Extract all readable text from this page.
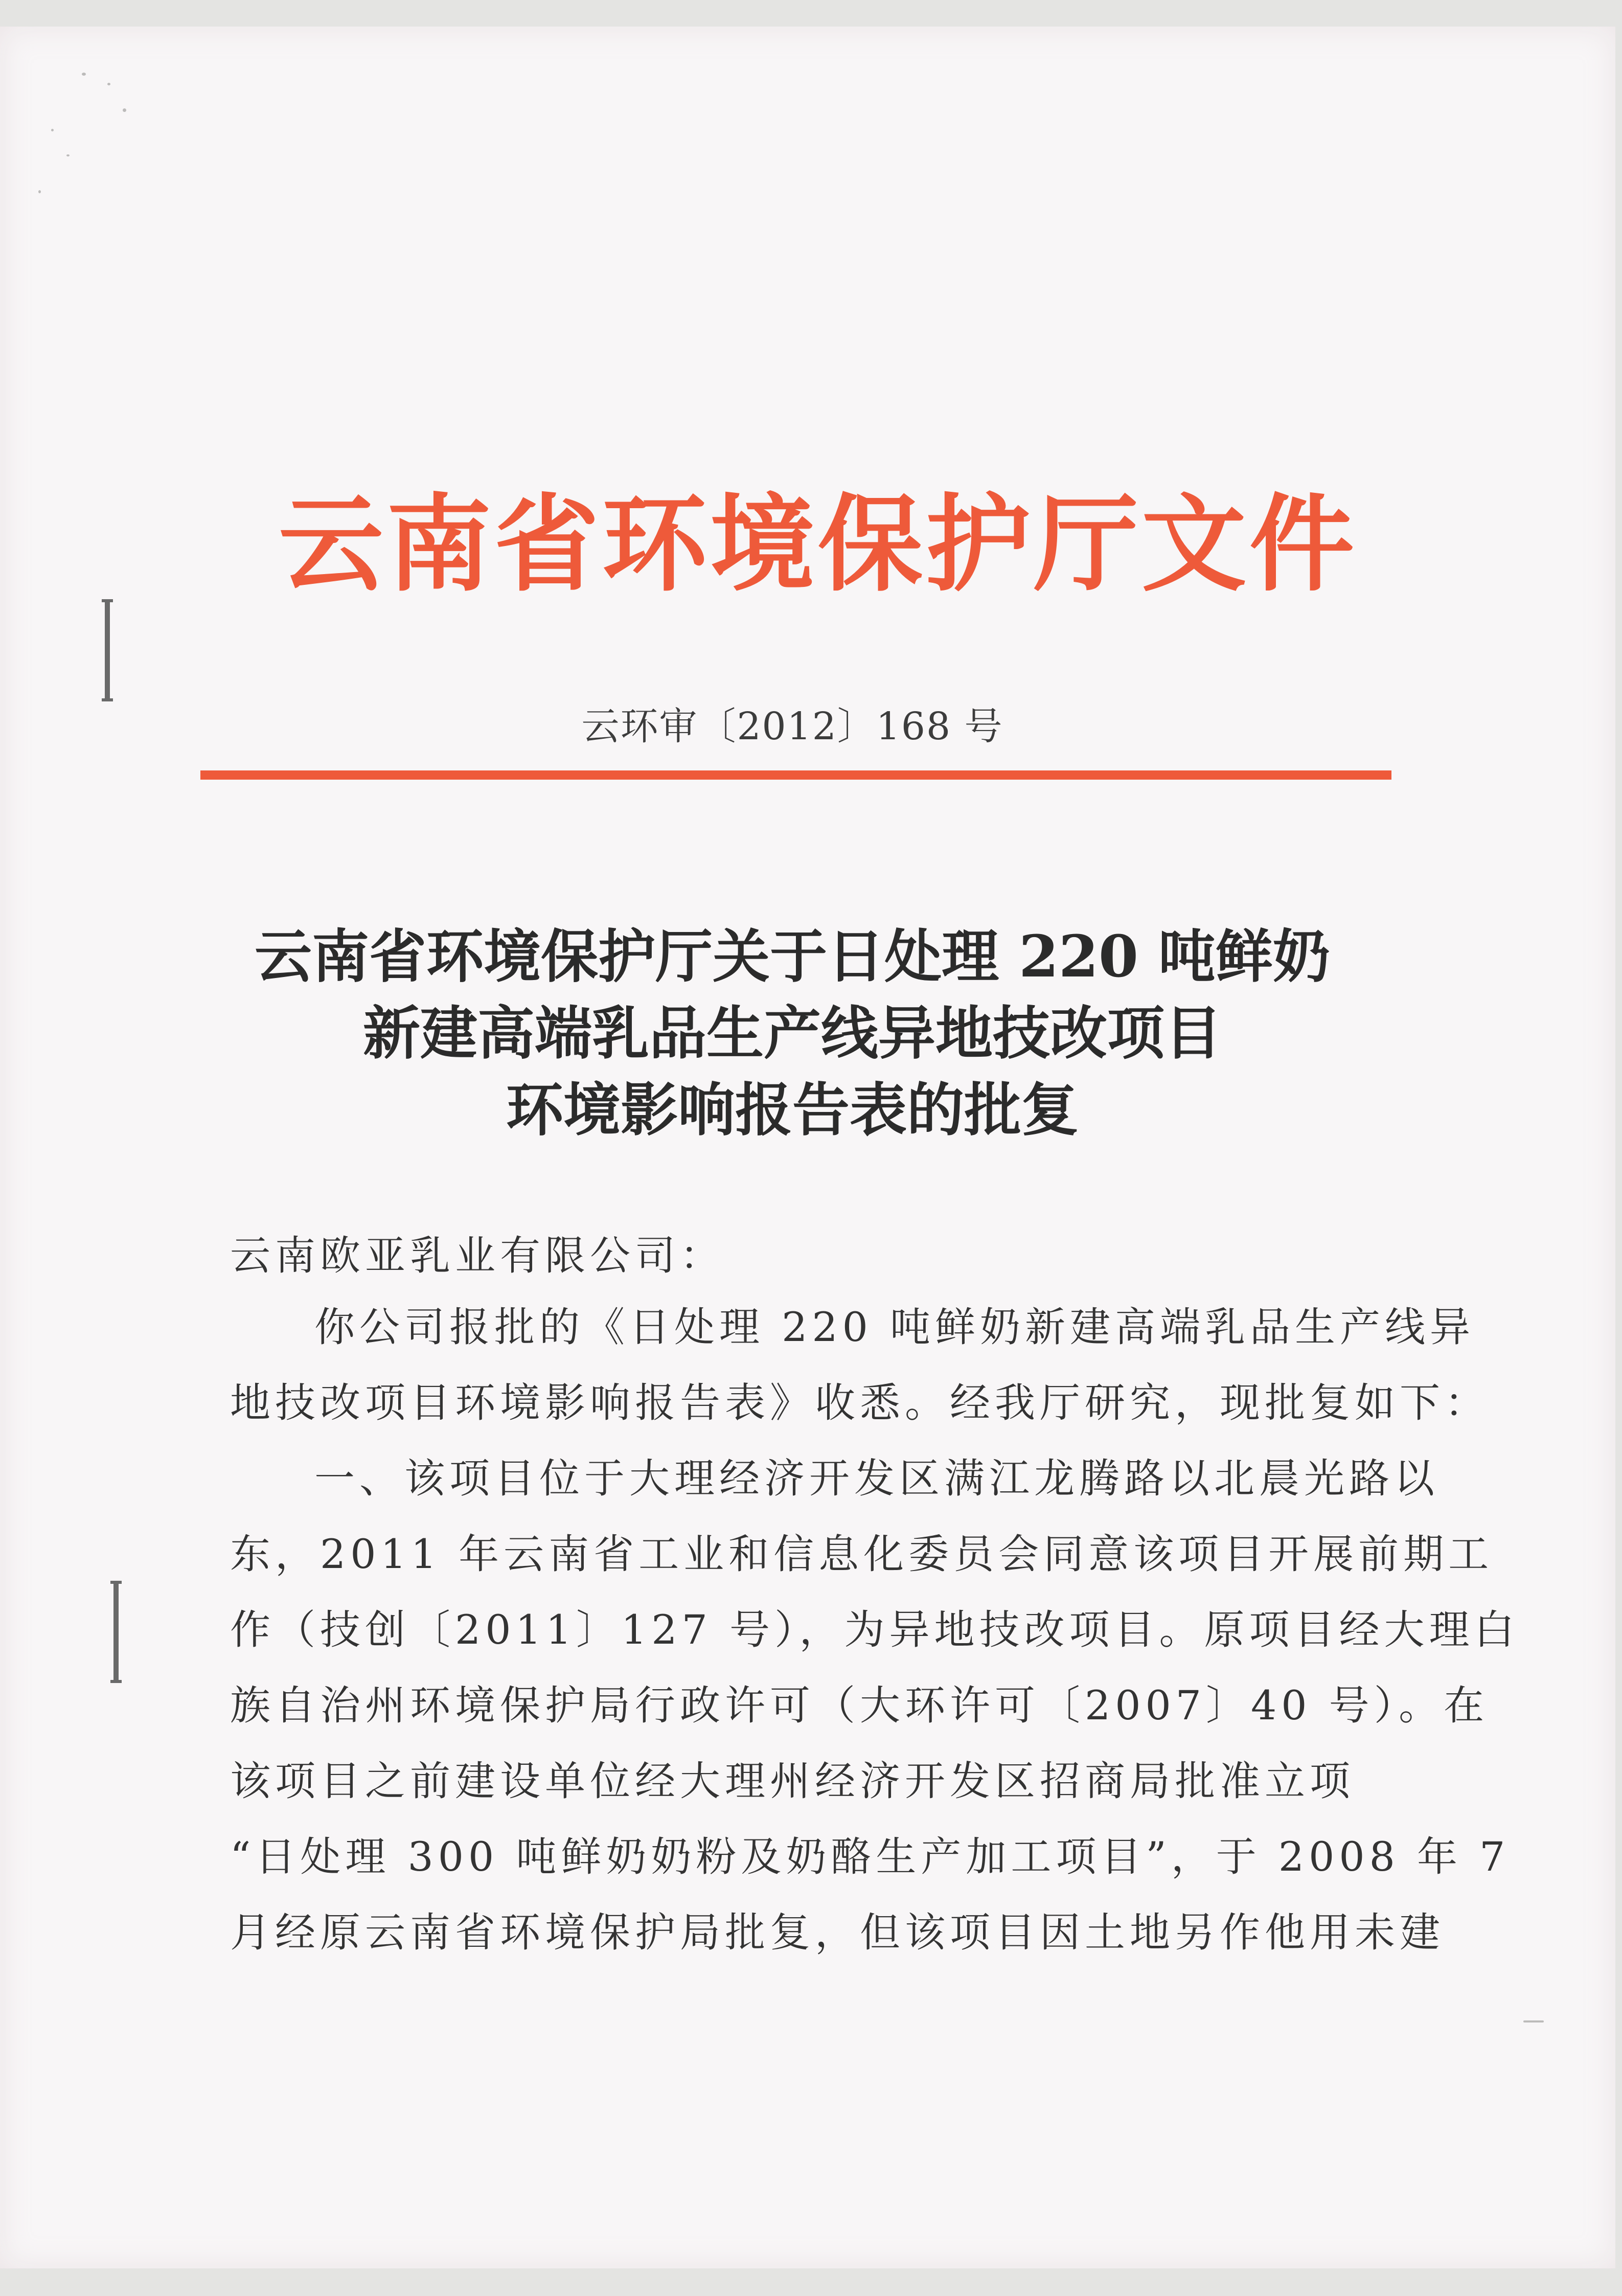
云南省环境保护厅文件
云环审〔2012〕168 号
云南省环境保护厅关于日处理 220 吨鲜奶
新建高端乳品生产线异地技改项目
环境影响报告表的批复
云南欧亚乳业有限公司：
你公司报批的《日处理 220 吨鲜奶新建高端乳品生产线异
地技改项目环境影响报告表》收悉。经我厅研究，现批复如下：
一、该项目位于大理经济开发区满江龙腾路以北晨光路以
东，2011 年云南省工业和信息化委员会同意该项目开展前期工
作（技创〔2011〕127 号），为异地技改项目。原项目经大理白
族自治州环境保护局行政许可（大环许可〔2007〕40 号）。在
该项目之前建设单位经大理州经济开发区招商局批准立项
“日处理 300 吨鲜奶奶粉及奶酪生产加工项目”，于 2008 年 7
月经原云南省环境保护局批复，但该项目因土地另作他用未建
